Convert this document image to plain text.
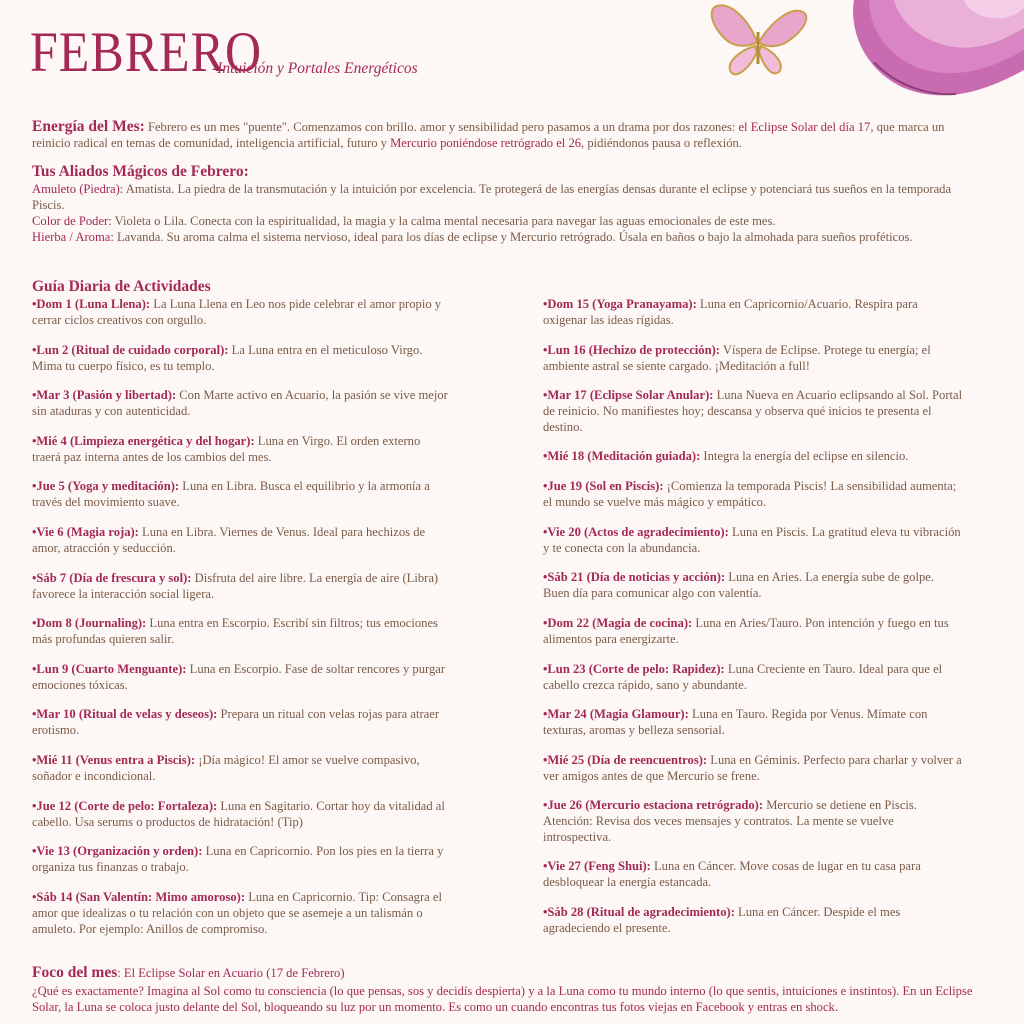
FEBRERO
-Intuición y Portales Energéticos
Energía del Mes: Febrero es un mes "puente". Comenzamos con brillo. amor y sensibilidad pero pasamos a un drama por dos razones: el Eclipse Solar del día 17, que marca un reinicio radical en temas de comunidad, inteligencia artificial, futuro y Mercurio poniéndose retrógrado el 26, pidiéndonos pausa o reflexión.
Tus Aliados Mágicos de Febrero:
Amuleto (Piedra): Amatista. La piedra de la transmutación y la intuición por excelencia. Te protegerá de las energías densas durante el eclipse y potenciará tus sueños en la temporada Piscis.
Color de Poder: Violeta o Lila. Conecta con la espiritualidad, la magia y la calma mental necesaria para navegar las aguas emocionales de este mes.
Hierba / Aroma: Lavanda. Su aroma calma el sistema nervioso, ideal para los días de eclipse y Mercurio retrógrado. Úsala en baños o bajo la almohada para sueños proféticos.
Guía Diaria de Actividades
•Dom 1 (Luna Llena): La Luna Llena en Leo nos pide celebrar el amor propio y cerrar ciclos creativos con orgullo.
•Lun 2 (Ritual de cuidado corporal): La Luna entra en el meticuloso Virgo. Mima tu cuerpo físico, es tu templo.
•Mar 3 (Pasión y libertad): Con Marte activo en Acuario, la pasión se vive mejor sin ataduras y con autenticidad.
•Mié 4 (Limpieza energética y del hogar): Luna en Virgo. El orden externo traerá paz interna antes de los cambios del mes.
•Jue 5 (Yoga y meditación): Luna en Libra. Busca el equilibrio y la armonía a través del movimiento suave.
•Vie 6 (Magia roja): Luna en Libra. Viernes de Venus. Ideal para hechizos de amor, atracción y seducción.
•Sáb 7 (Día de frescura y sol): Disfruta del aire libre. La energía de aire (Libra) favorece la interacción social ligera.
•Dom 8 (Journaling): Luna entra en Escorpio. Escribí sin filtros; tus emociones más profundas quieren salir.
•Lun 9 (Cuarto Menguante): Luna en Escorpio. Fase de soltar rencores y purgar emociones tóxicas.
•Mar 10 (Ritual de velas y deseos): Prepara un ritual con velas rojas para atraer erotismo.
•Mié 11 (Venus entra a Piscis): ¡Día mágico! El amor se vuelve compasivo, soñador e incondicional.
•Jue 12 (Corte de pelo: Fortaleza): Luna en Sagitario. Cortar hoy da vitalidad al cabello. Usa serums o productos de hidratación! (Tip)
•Vie 13 (Organización y orden): Luna en Capricornio. Pon los pies en la tierra y organiza tus finanzas o trabajo.
•Sáb 14 (San Valentín: Mimo amoroso): Luna en Capricornio. Tip: Consagra el amor que idealizas o tu relación con un objeto que se asemeje a un talismán o amuleto. Por ejemplo: Anillos de compromiso.
•Dom 15 (Yoga Pranayama): Luna en Capricornio/Acuario. Respira para oxigenar las ideas rígidas.
•Lun 16 (Hechizo de protección): Víspera de Eclipse. Protege tu energía; el ambiente astral se siente cargado. ¡Meditación a full!
•Mar 17 (Eclipse Solar Anular): Luna Nueva en Acuario eclipsando al Sol. Portal de reinicio. No manifiestes hoy; descansa y observa qué inicios te presenta el destino.
•Mié 18 (Meditación guiada): Integra la energía del eclipse en silencio.
•Jue 19 (Sol en Piscis): ¡Comienza la temporada Piscis! La sensibilidad aumenta; el mundo se vuelve más mágico y empático.
•Vie 20 (Actos de agradecimiento): Luna en Piscis. La gratitud eleva tu vibración y te conecta con la abundancia.
•Sáb 21 (Día de noticias y acción): Luna en Aries. La energía sube de golpe. Buen día para comunicar algo con valentía.
•Dom 22 (Magia de cocina): Luna en Aries/Tauro. Pon intención y fuego en tus alimentos para energizarte.
•Lun 23 (Corte de pelo: Rapidez): Luna Creciente en Tauro. Ideal para que el cabello crezca rápido, sano y abundante.
•Mar 24 (Magia Glamour): Luna en Tauro. Regida por Venus. Mímate con texturas, aromas y belleza sensorial.
•Mié 25 (Día de reencuentros): Luna en Géminis. Perfecto para charlar y volver a ver amigos antes de que Mercurio se frene.
•Jue 26 (Mercurio estaciona retrógrado): Mercurio se detiene en Piscis. Atención: Revisa dos veces mensajes y contratos. La mente se vuelve introspectiva.
•Vie 27 (Feng Shui): Luna en Cáncer. Move cosas de lugar en tu casa para desbloquear la energía estancada.
•Sáb 28 (Ritual de agradecimiento): Luna en Cáncer. Despide el mes agradeciendo el presente.
Foco del mes: El Eclipse Solar en Acuario (17 de Febrero)
¿Qué es exactamente? Imagina al Sol como tu consciencia (lo que pensas, sos y decidís despierta) y a la Luna como tu mundo interno (lo que sentis, intuiciones e instintos). En un Eclipse Solar, la Luna se coloca justo delante del Sol, bloqueando su luz por un momento. Es como un cuando encontras tus fotos viejas en Facebook y entras en shock.
